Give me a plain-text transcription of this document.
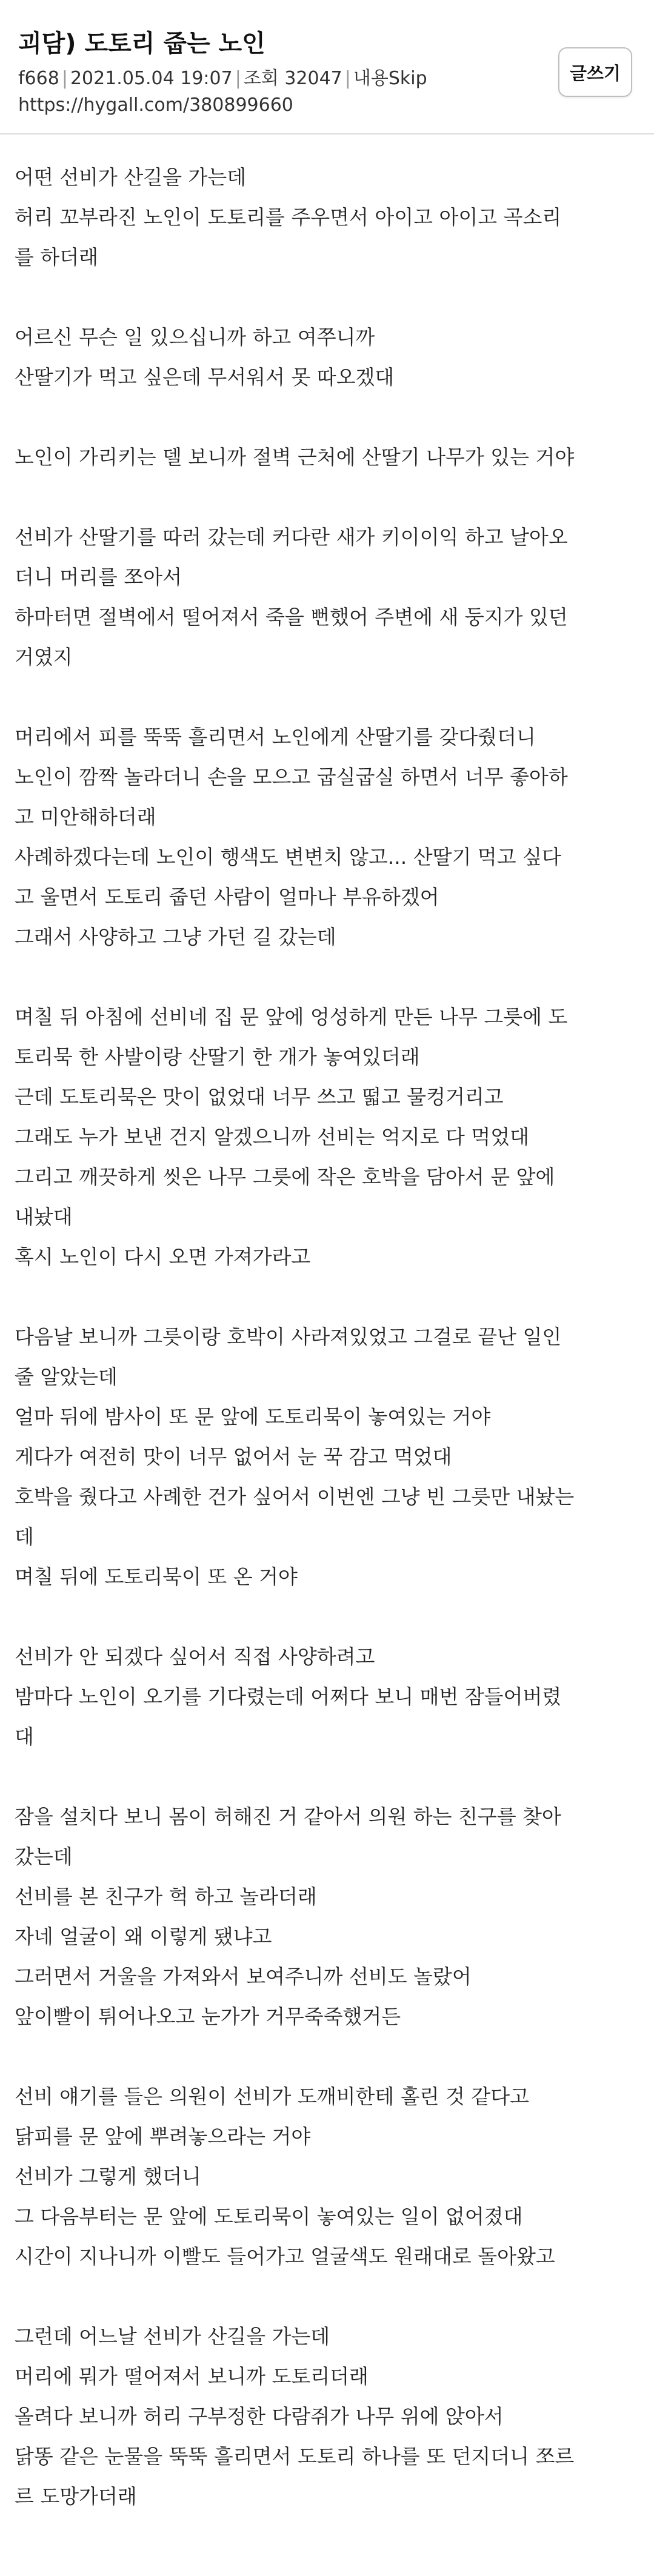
괴담) 도토리 줍는 노인
f668 | 2021.05.04 19:07 | 조회 32047 | 내용Skip
https://hygall.com/380899660
글쓰기
어떤 선비가 산길을 가는데
허리 꼬부라진 노인이 도토리를 주우면서 아이고 아이고 곡소리
를 하더래
어르신 무슨 일 있으십니까 하고 여쭈니까
산딸기가 먹고 싶은데 무서워서 못 따오겠대
노인이 가리키는 델 보니까 절벽 근처에 산딸기 나무가 있는 거야
선비가 산딸기를 따러 갔는데 커다란 새가 키이이익 하고 날아오
더니 머리를 쪼아서
하마터면 절벽에서 떨어져서 죽을 뻔했어 주변에 새 둥지가 있던
거였지
머리에서 피를 뚝뚝 흘리면서 노인에게 산딸기를 갖다줬더니
노인이 깜짝 놀라더니 손을 모으고 굽실굽실 하면서 너무 좋아하
고 미안해하더래
사례하겠다는데 노인이 행색도 변변치 않고... 산딸기 먹고 싶다
고 울면서 도토리 줍던 사람이 얼마나 부유하겠어
그래서 사양하고 그냥 가던 길 갔는데
며칠 뒤 아침에 선비네 집 문 앞에 엉성하게 만든 나무 그릇에 도
토리묵 한 사발이랑 산딸기 한 개가 놓여있더래
근데 도토리묵은 맛이 없었대 너무 쓰고 떫고 물컹거리고
그래도 누가 보낸 건지 알겠으니까 선비는 억지로 다 먹었대
그리고 깨끗하게 씻은 나무 그릇에 작은 호박을 담아서 문 앞에
내놨대
혹시 노인이 다시 오면 가져가라고
다음날 보니까 그릇이랑 호박이 사라져있었고 그걸로 끝난 일인
줄 알았는데
얼마 뒤에 밤사이 또 문 앞에 도토리묵이 놓여있는 거야
게다가 여전히 맛이 너무 없어서 눈 꾹 감고 먹었대
호박을 줬다고 사례한 건가 싶어서 이번엔 그냥 빈 그릇만 내놨는
데
며칠 뒤에 도토리묵이 또 온 거야
선비가 안 되겠다 싶어서 직접 사양하려고
밤마다 노인이 오기를 기다렸는데 어쩌다 보니 매번 잠들어버렸
대
잠을 설치다 보니 몸이 허해진 거 같아서 의원 하는 친구를 찾아
갔는데
선비를 본 친구가 헉 하고 놀라더래
자네 얼굴이 왜 이렇게 됐냐고
그러면서 거울을 가져와서 보여주니까 선비도 놀랐어
앞이빨이 튀어나오고 눈가가 거무죽죽했거든
선비 얘기를 들은 의원이 선비가 도깨비한테 홀린 것 같다고
닭피를 문 앞에 뿌려놓으라는 거야
선비가 그렇게 했더니
그 다음부터는 문 앞에 도토리묵이 놓여있는 일이 없어졌대
시간이 지나니까 이빨도 들어가고 얼굴색도 원래대로 돌아왔고
그런데 어느날 선비가 산길을 가는데
머리에 뭐가 떨어져서 보니까 도토리더래
올려다 보니까 허리 구부정한 다람쥐가 나무 위에 앉아서
닭똥 같은 눈물을 뚝뚝 흘리면서 도토리 하나를 또 던지더니 쪼르
르 도망가더래
